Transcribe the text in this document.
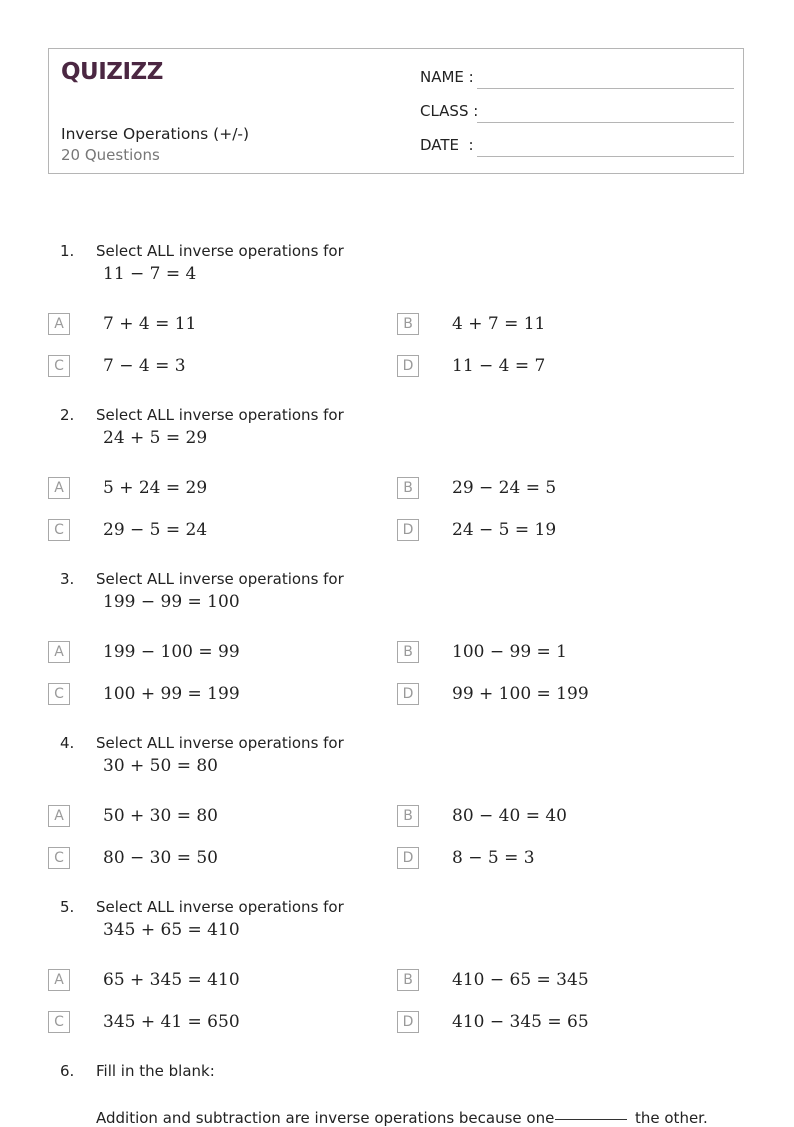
QUIZIZZ
Inverse Operations (+/-)
20 Questions
NAME :
CLASS :
DATE  :
1. Select ALL inverse operations for
11 − 7 = 4
A	7 + 4 = 11	B	4 + 7 = 11
C	7 − 4 = 3	D	11 − 4 = 7
2. Select ALL inverse operations for
24 + 5 = 29
A	5 + 24 = 29	B	29 − 24 = 5
C	29 − 5 = 24	D	24 − 5 = 19
3. Select ALL inverse operations for
199 − 99 = 100
A	199 − 100 = 99	B	100 − 99 = 1
C	100 + 99 = 199	D	99 + 100 = 199
4. Select ALL inverse operations for
30 + 50 = 80
A	50 + 30 = 80	B	80 − 40 = 40
C	80 − 30 = 50	D	8 − 5 = 3
5. Select ALL inverse operations for
345 + 65 = 410
A	65 + 345 = 410	B	410 − 65 = 345
C	345 + 41 = 650	D	410 − 345 = 65
6. Fill in the blank:
Addition and subtraction are inverse operations because one	the other.
